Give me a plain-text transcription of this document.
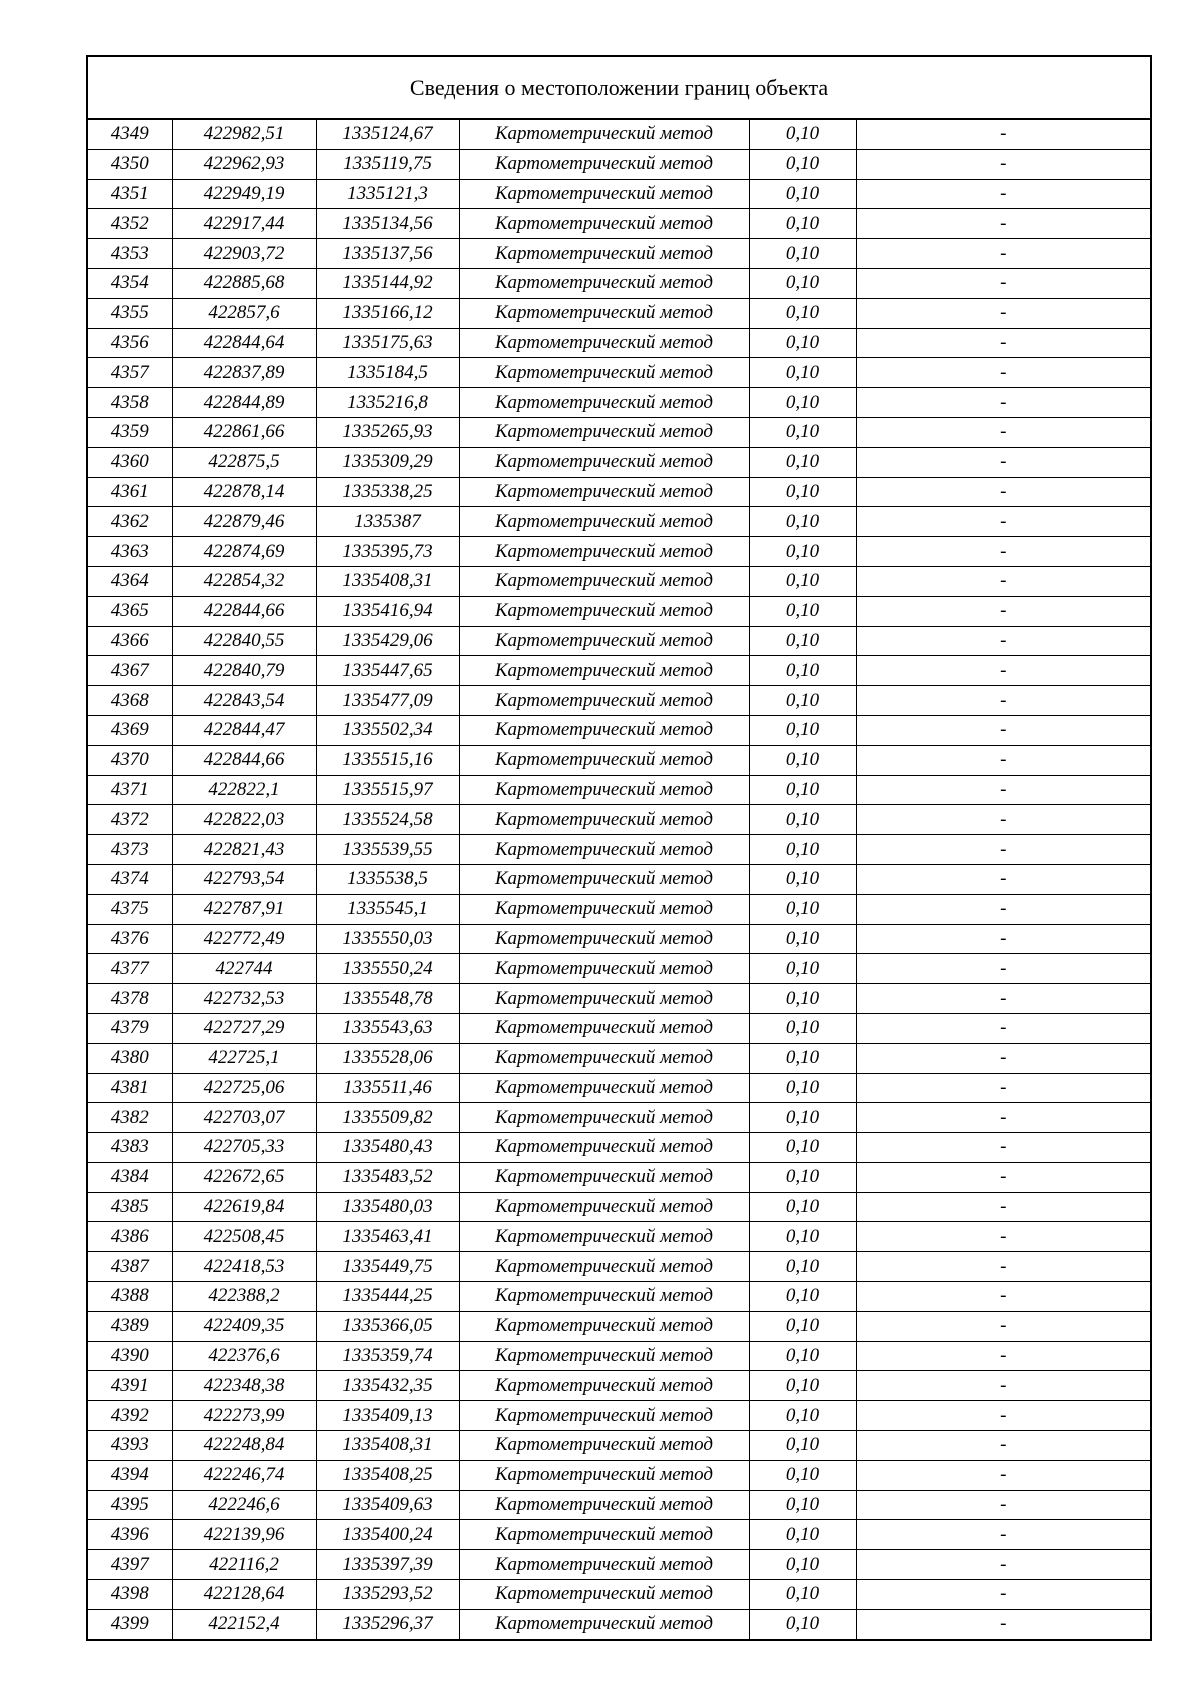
Сведения о местоположении границ объекта					
4349	422982,51	1335124,67	Картометрический метод	0,10	-
4350	422962,93	1335119,75	Картометрический метод	0,10	-
4351	422949,19	1335121,3	Картометрический метод	0,10	-
4352	422917,44	1335134,56	Картометрический метод	0,10	-
4353	422903,72	1335137,56	Картометрический метод	0,10	-
4354	422885,68	1335144,92	Картометрический метод	0,10	-
4355	422857,6	1335166,12	Картометрический метод	0,10	-
4356	422844,64	1335175,63	Картометрический метод	0,10	-
4357	422837,89	1335184,5	Картометрический метод	0,10	-
4358	422844,89	1335216,8	Картометрический метод	0,10	-
4359	422861,66	1335265,93	Картометрический метод	0,10	-
4360	422875,5	1335309,29	Картометрический метод	0,10	-
4361	422878,14	1335338,25	Картометрический метод	0,10	-
4362	422879,46	1335387	Картометрический метод	0,10	-
4363	422874,69	1335395,73	Картометрический метод	0,10	-
4364	422854,32	1335408,31	Картометрический метод	0,10	-
4365	422844,66	1335416,94	Картометрический метод	0,10	-
4366	422840,55	1335429,06	Картометрический метод	0,10	-
4367	422840,79	1335447,65	Картометрический метод	0,10	-
4368	422843,54	1335477,09	Картометрический метод	0,10	-
4369	422844,47	1335502,34	Картометрический метод	0,10	-
4370	422844,66	1335515,16	Картометрический метод	0,10	-
4371	422822,1	1335515,97	Картометрический метод	0,10	-
4372	422822,03	1335524,58	Картометрический метод	0,10	-
4373	422821,43	1335539,55	Картометрический метод	0,10	-
4374	422793,54	1335538,5	Картометрический метод	0,10	-
4375	422787,91	1335545,1	Картометрический метод	0,10	-
4376	422772,49	1335550,03	Картометрический метод	0,10	-
4377	422744	1335550,24	Картометрический метод	0,10	-
4378	422732,53	1335548,78	Картометрический метод	0,10	-
4379	422727,29	1335543,63	Картометрический метод	0,10	-
4380	422725,1	1335528,06	Картометрический метод	0,10	-
4381	422725,06	1335511,46	Картометрический метод	0,10	-
4382	422703,07	1335509,82	Картометрический метод	0,10	-
4383	422705,33	1335480,43	Картометрический метод	0,10	-
4384	422672,65	1335483,52	Картометрический метод	0,10	-
4385	422619,84	1335480,03	Картометрический метод	0,10	-
4386	422508,45	1335463,41	Картометрический метод	0,10	-
4387	422418,53	1335449,75	Картометрический метод	0,10	-
4388	422388,2	1335444,25	Картометрический метод	0,10	-
4389	422409,35	1335366,05	Картометрический метод	0,10	-
4390	422376,6	1335359,74	Картометрический метод	0,10	-
4391	422348,38	1335432,35	Картометрический метод	0,10	-
4392	422273,99	1335409,13	Картометрический метод	0,10	-
4393	422248,84	1335408,31	Картометрический метод	0,10	-
4394	422246,74	1335408,25	Картометрический метод	0,10	-
4395	422246,6	1335409,63	Картометрический метод	0,10	-
4396	422139,96	1335400,24	Картометрический метод	0,10	-
4397	422116,2	1335397,39	Картометрический метод	0,10	-
4398	422128,64	1335293,52	Картометрический метод	0,10	-
4399	422152,4	1335296,37	Картометрический метод	0,10	-
